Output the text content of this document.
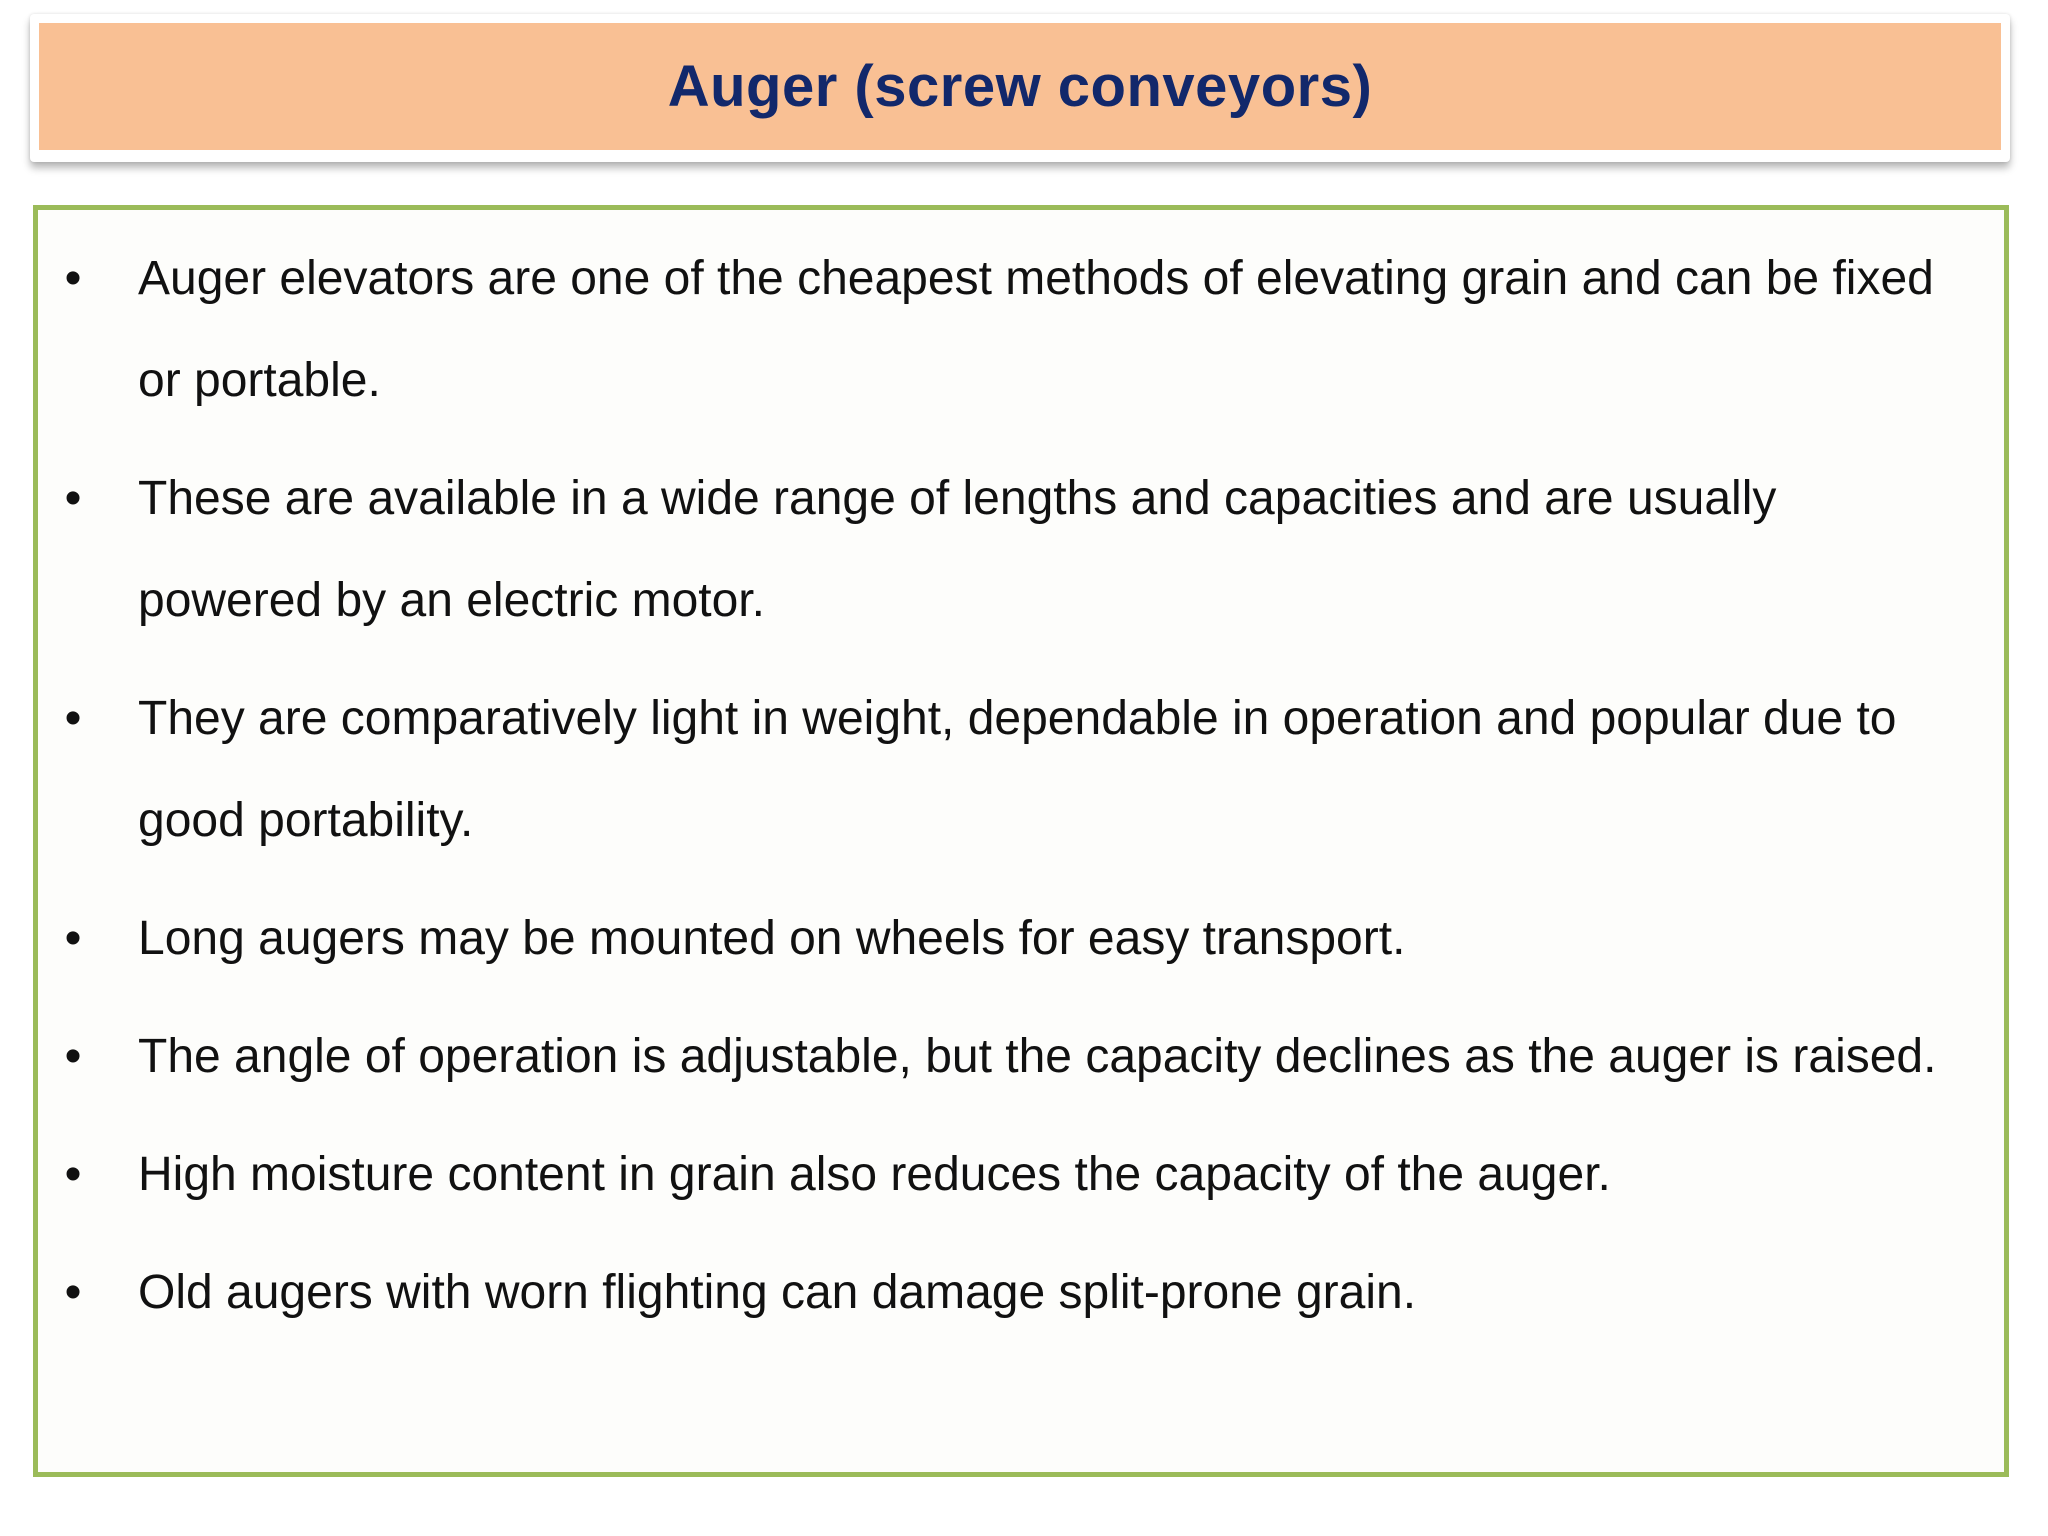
Auger (screw conveyors)
• Auger elevators are one of the cheapest methods of elevating grain and can be fixed or portable.
• These are available in a wide range of lengths and capacities and are usually powered by an electric motor.
• They are comparatively light in weight, dependable in operation and popular due to good portability.
• Long augers may be mounted on wheels for easy transport.
• The angle of operation is adjustable, but the capacity declines as the auger is raised.
• High moisture content in grain also reduces the capacity of the auger.
• Old augers with worn flighting can damage split-prone grain.
